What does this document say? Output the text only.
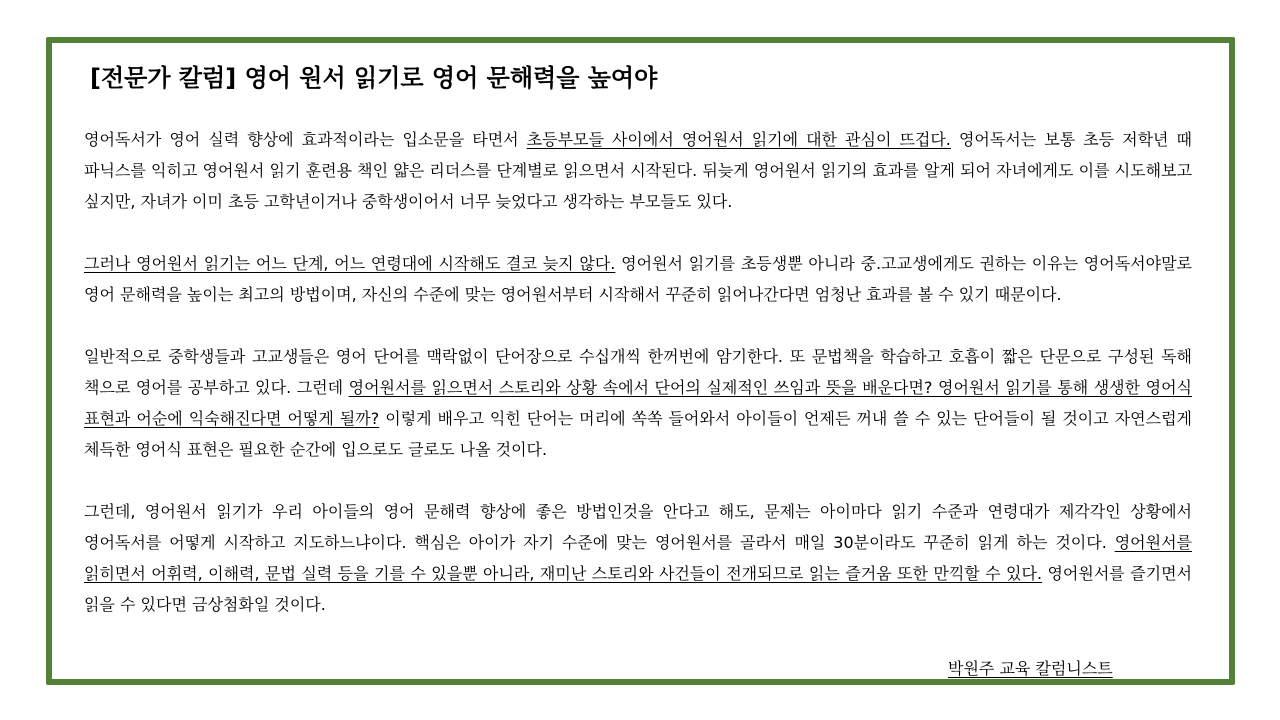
[전문가 칼럼] 영어 원서 읽기로 영어 문해력을 높여야

영어독서가 영어 실력 향상에 효과적이라는 입소문을 타면서 초등부모들 사이에서 영어원서 읽기에 대한 관심이 뜨겁다. 영어독서는 보통 초등 저학년 때 파닉스를 익히고 영어원서 읽기 훈련용 책인 얇은 리더스를 단계별로 읽으면서 시작된다. 뒤늦게 영어원서 읽기의 효과를 알게 되어 자녀에게도 이를 시도해보고 싶지만, 자녀가 이미 초등 고학년이거나 중학생이어서 너무 늦었다고 생각하는 부모들도 있다.

그러나 영어원서 읽기는 어느 단계, 어느 연령대에 시작해도 결코 늦지 않다. 영어원서 읽기를 초등생뿐 아니라 중.고교생에게도 권하는 이유는 영어독서야말로 영어 문해력을 높이는 최고의 방법이며, 자신의 수준에 맞는 영어원서부터 시작해서 꾸준히 읽어나간다면 엄청난 효과를 볼 수 있기 때문이다.

일반적으로 중학생들과 고교생들은 영어 단어를 맥락없이 단어장으로 수십개씩 한꺼번에 암기한다. 또 문법책을 학습하고 호흡이 짧은 단문으로 구성된 독해 책으로 영어를 공부하고 있다. 그런데 영어원서를 읽으면서 스토리와 상황 속에서 단어의 실제적인 쓰임과 뜻을 배운다면? 영어원서 읽기를 통해 생생한 영어식 표현과 어순에 익숙해진다면 어떻게 될까? 이렇게 배우고 익힌 단어는 머리에 쏙쏙 들어와서 아이들이 언제든 꺼내 쓸 수 있는 단어들이 될 것이고 자연스럽게 체득한 영어식 표현은 필요한 순간에 입으로도 글로도 나올 것이다.

그런데, 영어원서 읽기가 우리 아이들의 영어 문해력 향상에 좋은 방법인것을 안다고 해도, 문제는 아이마다 읽기 수준과 연령대가 제각각인 상황에서 영어독서를 어떻게 시작하고 지도하느냐이다. 핵심은 아이가 자기 수준에 맞는 영어원서를 골라서 매일 30분이라도 꾸준히 읽게 하는 것이다. 영어원서를 읽히면서 어휘력, 이해력, 문법 실력 등을 기를 수 있을뿐 아니라, 재미난 스토리와 사건들이 전개되므로 읽는 즐거움 또한 만끽할 수 있다. 영어원서를 즐기면서 읽을 수 있다면 금상첨화일 것이다.

박원주 교육 칼럼니스트
